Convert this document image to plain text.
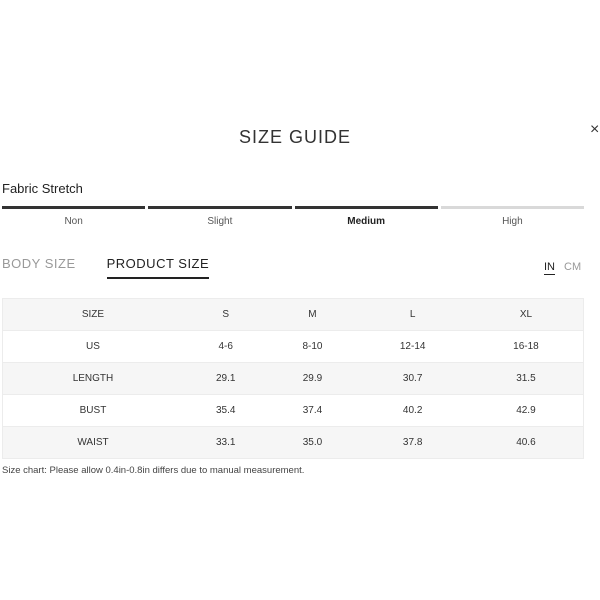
SIZE GUIDE	×
Fabric Stretch
Non	Slight	Medium	High
BODY SIZE PRODUCT SIZE	IN CM
SIZE	S	M	L	XL
US	4-6	8-10	12-14	16-18
LENGTH	29.1	29.9	30.7	31.5
BUST	35.4	37.4	40.2	42.9
WAIST	33.1	35.0	37.8	40.6
Size chart: Please allow 0.4in-0.8in differs due to manual measurement.
